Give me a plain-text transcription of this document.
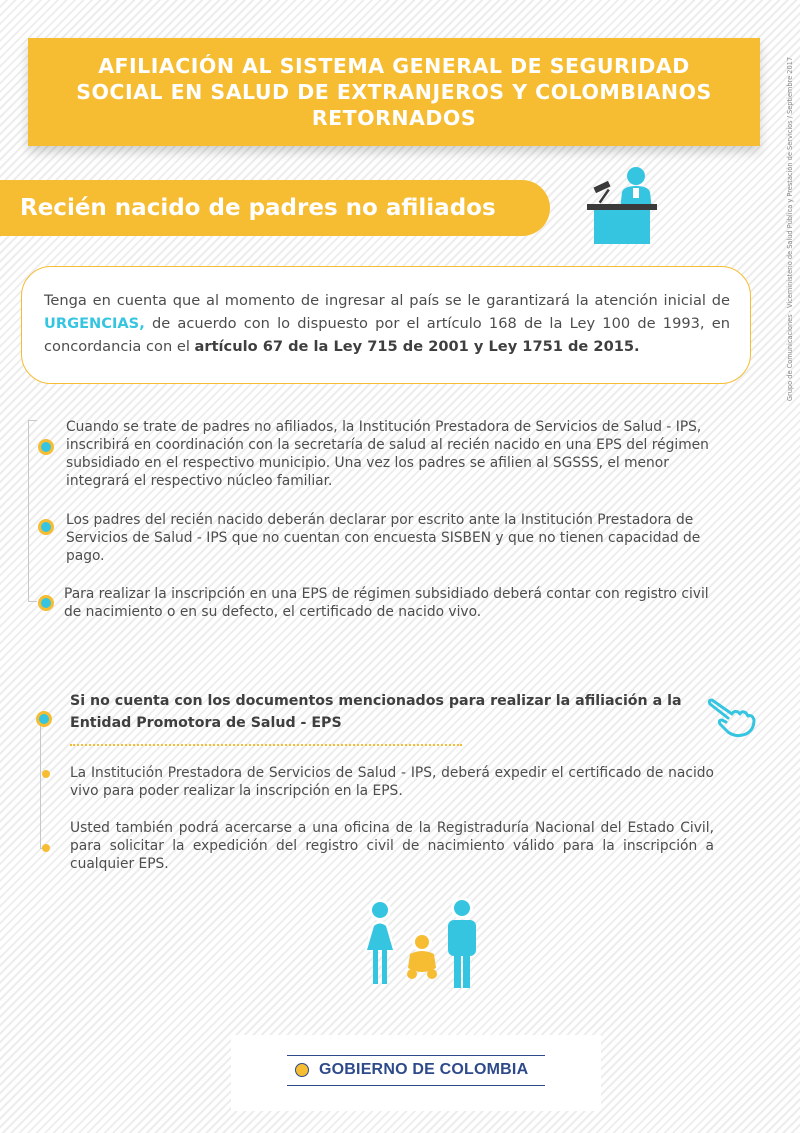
AFILIACIÓN AL SISTEMA GENERAL DE SEGURIDAD SOCIAL EN SALUD DE EXTRANJEROS Y COLOMBIANOS RETORNADOS	Grupo de Comunicaciones · Viceministerio de Salud Pública y Prestación de Servicios / Septiembre 2017
Recién nacido de padres no afiliados
Tenga en cuenta que al momento de ingresar al país se le garantizará la atención inicial de URGENCIAS, de acuerdo con lo dispuesto por el artículo 168 de la Ley 100 de 1993, en concordancia con el artículo 67 de la Ley 715 de 2001 y Ley 1751 de 2015.
Cuando se trate de padres no afiliados, la Institución Prestadora de Servicios de Salud - IPS, inscribirá en coordinación con la secretaría de salud al recién nacido en una EPS del régimen subsidiado en el respectivo municipio. Una vez los padres se afilien al SGSSS, el menor integrará el respectivo núcleo familiar.
Los padres del recién nacido deberán declarar por escrito ante la Institución Prestadora de Servicios de Salud - IPS que no cuentan con encuesta SISBEN y que no tienen capacidad de pago.
Para realizar la inscripción en una EPS de régimen subsidiado deberá contar con registro civil de nacimiento o en su defecto, el certificado de nacido vivo.
Si no cuenta con los documentos mencionados para realizar la afiliación a la Entidad Promotora de Salud - EPS
La Institución Prestadora de Servicios de Salud - IPS, deberá expedir el certificado de nacido vivo para poder realizar la inscripción en la EPS.
Usted también podrá acercarse a una oficina de la Registraduría Nacional del Estado Civil, para solicitar la expedición del registro civil de nacimiento válido para la inscripción a cualquier EPS.
GOBIERNO DE COLOMBIA
